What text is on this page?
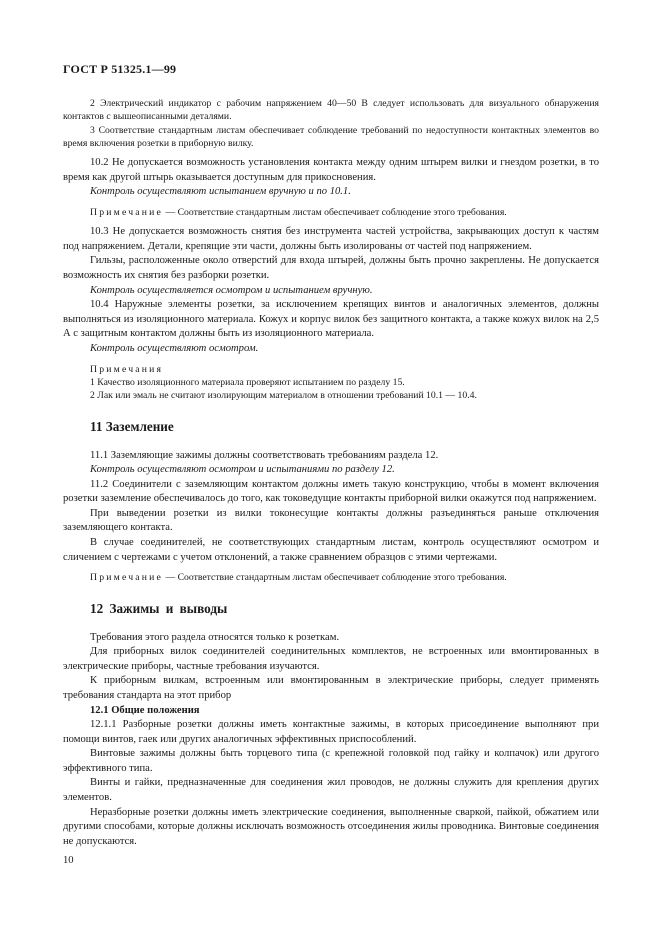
ГОСТ Р 51325.1—99

2 Электрический индикатор с рабочим напряжением 40—50 В следует использовать для визуального обнаружения контактов с вышеописанными деталями.

3 Соответствие стандартным листам обеспечивает соблюдение требований по недоступности контактных элементов во время включения розетки в приборную вилку.

10.2 Не допускается возможность установления контакта между одним штырем вилки и гнездом розетки, в то время как другой штырь оказывается доступным для прикосновения.

Контроль осуществляют испытанием вручную и по 10.1.

Примечание — Соответствие стандартным листам обеспечивает соблюдение этого требования.

10.3 Не допускается возможность снятия без инструмента частей устройства, закрывающих доступ к частям под напряжением. Детали, крепящие эти части, должны быть изолированы от частей под напряжением.

Гильзы, расположенные около отверстий для входа штырей, должны быть прочно закреплены. Не допускается возможность их снятия без разборки розетки.

Контроль осуществляется осмотром и испытанием вручную.

10.4 Наружные элементы розетки, за исключением крепящих винтов и аналогичных элементов, должны выполняться из изоляционного материала. Кожух и корпус вилок без защитного контакта, а также кожух вилок на 2,5 А с защитным контактом должны быть из изоляционного материала.

Контроль осуществляют осмотром.

Примечания

1 Качество изоляционного материала проверяют испытанием по разделу 15.

2 Лак или эмаль не считают изолирующим материалом в отношении требований 10.1 — 10.4.

11 Заземление

11.1 Заземляющие зажимы должны соответствовать требованиям раздела 12.

Контроль осуществляют осмотром и испытаниями по разделу 12.

11.2 Соединители с заземляющим контактом должны иметь такую конструкцию, чтобы в момент включения розетки заземление обеспечивалось до того, как токоведущие контакты приборной вилки окажутся под напряжением.

При выведении розетки из вилки токонесущие контакты должны разъединяться раньше отключения заземляющего контакта.

В случае соединителей, не соответствующих стандартным листам, контроль осуществляют осмотром и сличением с чертежами с учетом отклонений, а также сравнением образцов с этими чертежами.

Примечание — Соответствие стандартным листам обеспечивает соблюдение этого требования.

12 Зажимы и выводы

Требования этого раздела относятся только к розеткам.

Для приборных вилок соединителей соединительных комплектов, не встроенных или вмонтированных в электрические приборы, частные требования изучаются.

К приборным вилкам, встроенным или вмонтированным в электрические приборы, следует применять требования стандарта на этот прибор

12.1 Общие положения

12.1.1 Разборные розетки должны иметь контактные зажимы, в которых присоединение выполняют при помощи винтов, гаек или других аналогичных эффективных приспособлений.

Винтовые зажимы должны быть торцевого типа (с крепежной головкой под гайку и колпачок) или другого эффективного типа.

Винты и гайки, предназначенные для соединения жил проводов, не должны служить для крепления других элементов.

Неразборные розетки должны иметь электрические соединения, выполненные сваркой, пайкой, обжатием или другими способами, которые должны исключать возможность отсоединения жилы проводника. Винтовые соединения не допускаются.

10
